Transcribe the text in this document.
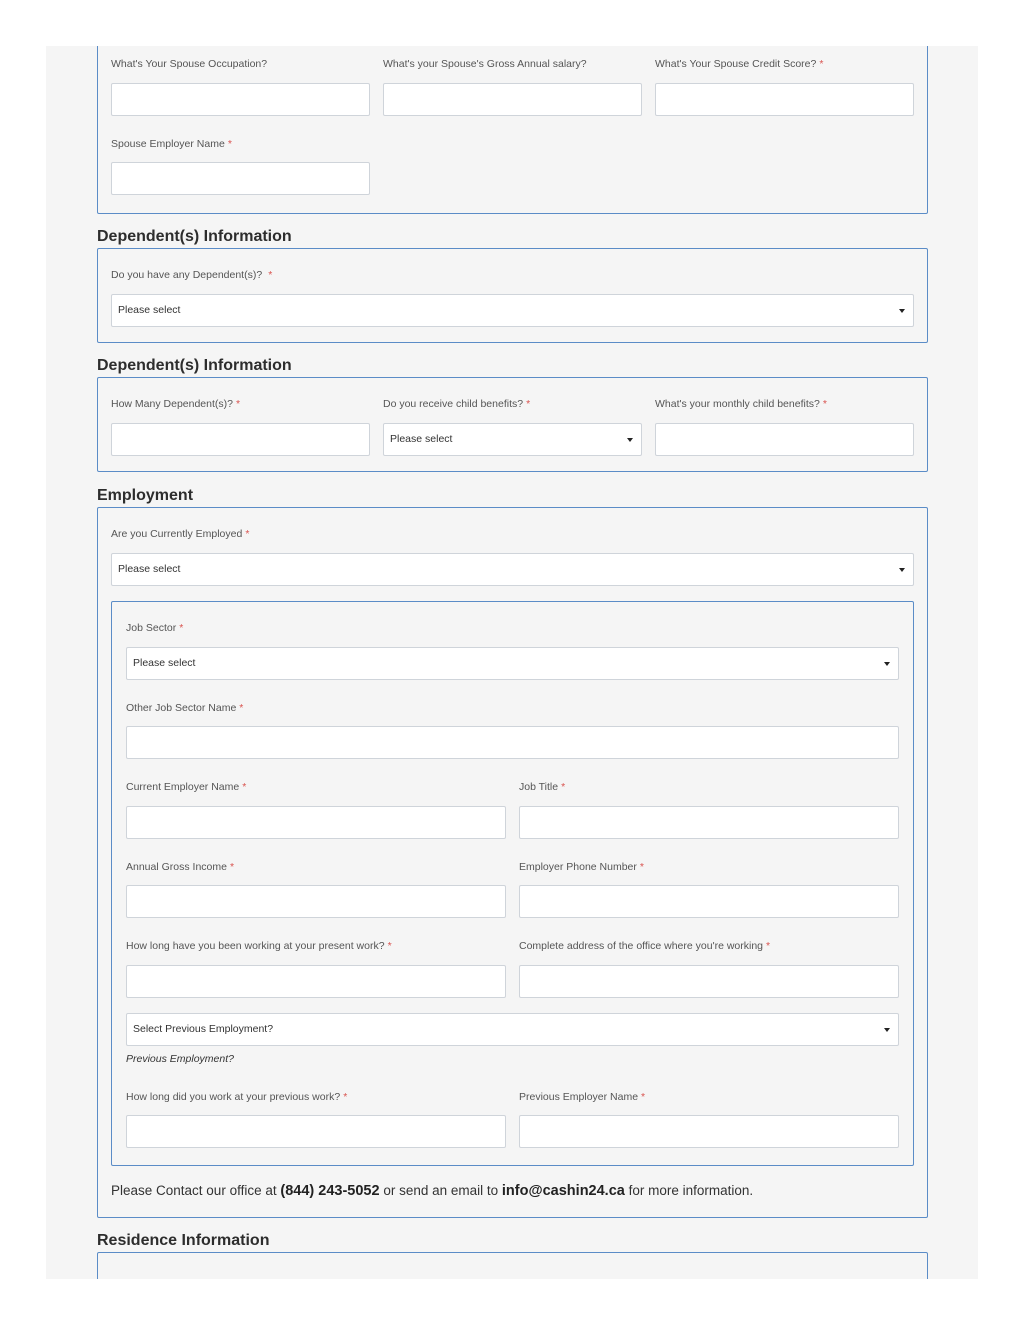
What's Your Spouse Occupation?	What's your Spouse's Gross Annual salary?	What's Your Spouse Credit Score? *
Spouse Employer Name *
Dependent(s) Information
Do you have any Dependent(s)? *
Please select
Dependent(s) Information
How Many Dependent(s)? *	Do you receive child benefits? *	What's your monthly child benefits? *
Please select
Employment
Are you Currently Employed *
Please select
Job Sector *
Please select
Other Job Sector Name *
Current Employer Name *	Job Title *
Annual Gross Income *	Employer Phone Number *
How long have you been working at your present work? *	Complete address of the office where you're working *
Select Previous Employment?
Previous Employment?
How long did you work at your previous work? *	Previous Employer Name *
Please Contact our office at (844) 243-5052 or send an email to info@cashin24.ca for more information.
Residence Information
